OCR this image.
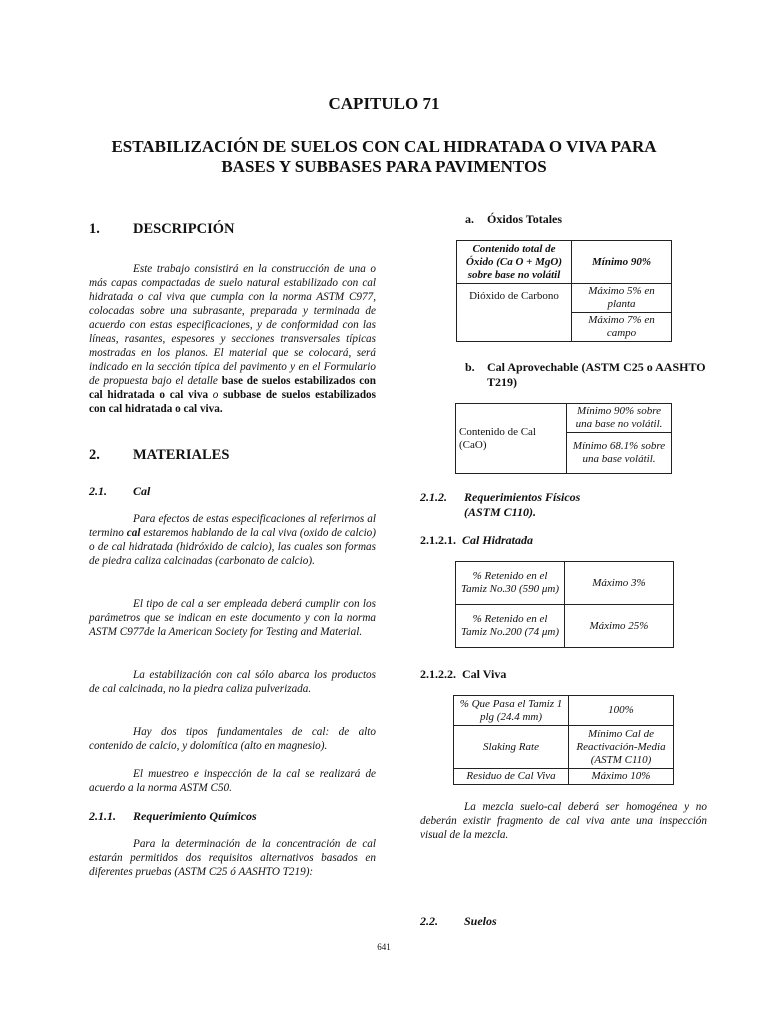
CAPITULO 71
ESTABILIZACIÓN DE SUELOS CON CAL HIDRATADA O VIVA PARA
BASES Y SUBBASES PARA PAVIMENTOS
1. DESCRIPCIÓN
Este trabajo consistirá en la construcción de una o más capas compactadas de suelo natural estabilizado con cal hidratada o cal viva que cumpla con la norma ASTM C977, colocadas sobre una subrasante, preparada y terminada de acuerdo con estas especificaciones, y de conformidad con las líneas, rasantes, espesores y secciones transversales típicas mostradas en los planos. El material que se colocará, será indicado en la sección típica del pavimento y en el Formulario de propuesta bajo el detalle base de suelos estabilizados con cal hidratada o cal viva o subbase de suelos estabilizados con cal hidratada o cal viva.
2. MATERIALES
2.1. Cal
Para efectos de estas especificaciones al referirnos al termino cal estaremos hablando de la cal viva (oxido de calcio) o de cal hidratada (hidróxido de calcio), las cuales son formas de piedra caliza calcinadas (carbonato de calcio).
El tipo de cal a ser empleada deberá cumplir con los parámetros que se indican en este documento y con la norma ASTM C977de la American Society for Testing and Material.
La estabilización con cal sólo abarca los productos de cal calcinada, no la piedra caliza pulverizada.
Hay dos tipos fundamentales de cal: de alto contenido de calcio, y dolomítica (alto en magnesio).
El muestreo e inspección de la cal se realizará de acuerdo a la norma ASTM C50.
2.1.1. Requerimiento Químicos
Para la determinación de la concentración de cal estarán permitidos dos requisitos alternativos basados en diferentes pruebas (ASTM C25 ó AASHTO T219):
a. Óxidos Totales
Contenido total de Óxido (Ca O + MgO) sobre base no volátil	Mínimo 90%
Dióxido de Carbono	Máximo 5% en planta
	Máximo 7% en campo
b.	Cal Aprovechable (ASTM C25 o AASHTO T219)
Contenido de Cal (CaO)	Mínimo 90% sobre una base no volátil.
Mínimo 68.1% sobre una base volátil.
2.1.2.	Requerimientos Físicos (ASTM C110).
2.1.2.1. Cal Hidratada
% Retenido en el Tamiz No.30 (590 μm)	Máximo 3%
% Retenido en el Tamiz No.200 (74 μm)	Máximo 25%
2.1.2.2. Cal Viva
% Que Pasa el Tamiz 1 plg (24.4 mm)	100%
Slaking Rate	Mínimo Cal de Reactivación-Media (ASTM C110)
Residuo de Cal Viva	Máximo 10%
La mezcla suelo-cal deberá ser homogénea y no deberán existir fragmento de cal viva ante una inspección visual de la mezcla.
2.2. Suelos
641
